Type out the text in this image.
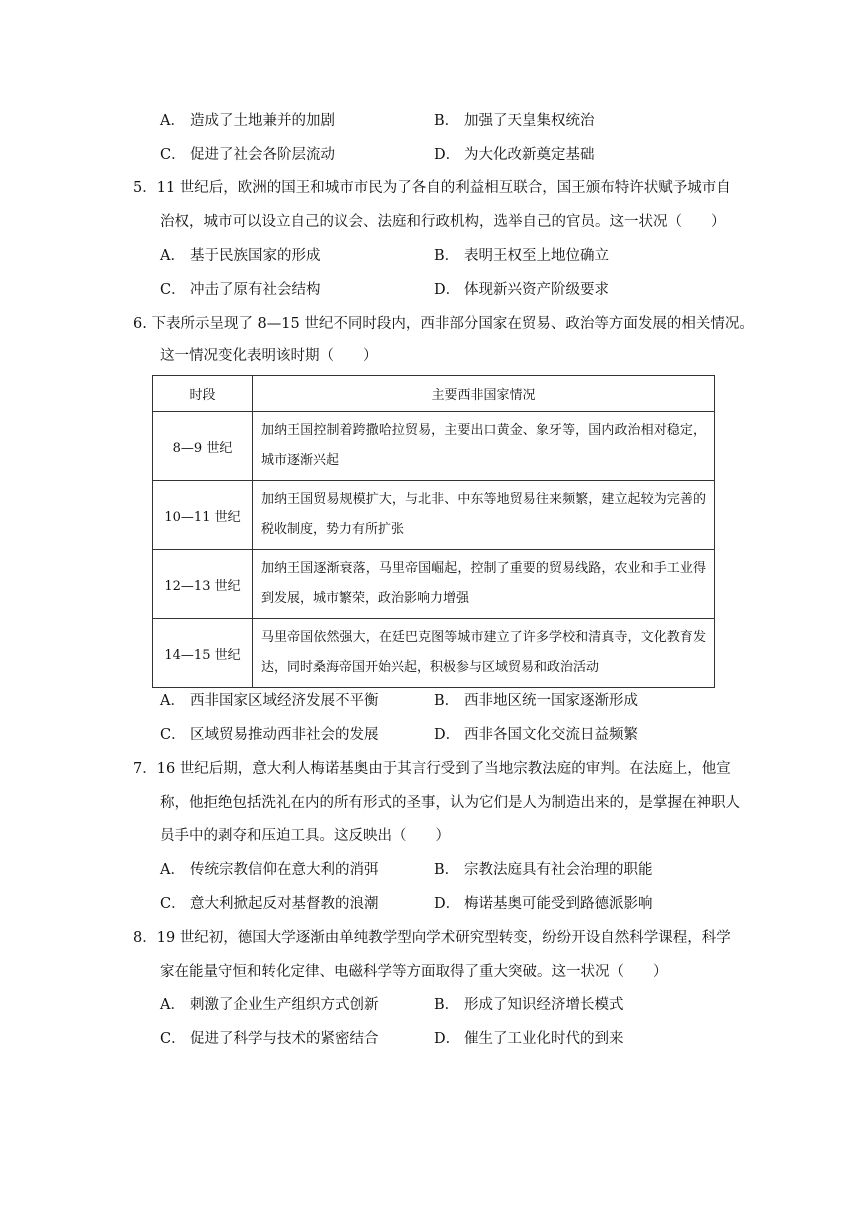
A． 造成了土地兼并的加剧	B． 加强了天皇集权统治
C． 促进了社会各阶层流动	D． 为大化改新奠定基础
5．11 世纪后，欧洲的国王和城市市民为了各自的利益相互联合，国王颁布特许状赋予城市自
治权，城市可以设立自己的议会、法庭和行政机构，选举自己的官员。这一状况（　　）
A． 基于民族国家的形成	B． 表明王权至上地位确立
C． 冲击了原有社会结构	D． 体现新兴资产阶级要求
6. 下表所示呈现了 8—15 世纪不同时段内，西非部分国家在贸易、政治等方面发展的相关情况。
这一情况变化表明该时期（　　）
时段	主要西非国家情况
8—9 世纪	加纳王国控制着跨撒哈拉贸易，主要出口黄金、象牙等，国内政治相对稳定，城市逐渐兴起
10—11 世纪	加纳王国贸易规模扩大，与北非、中东等地贸易往来频繁，建立起较为完善的税收制度，势力有所扩张
12—13 世纪	加纳王国逐渐衰落，马里帝国崛起，控制了重要的贸易线路，农业和手工业得到发展，城市繁荣，政治影响力增强
14—15 世纪	马里帝国依然强大，在廷巴克图等城市建立了许多学校和清真寺，文化教育发达，同时桑海帝国开始兴起，积极参与区域贸易和政治活动
A． 西非国家区域经济发展不平衡	B． 西非地区统一国家逐渐形成
C． 区域贸易推动西非社会的发展	D． 西非各国文化交流日益频繁
7．16 世纪后期，意大利人梅诺基奥由于其言行受到了当地宗教法庭的审判。在法庭上，他宣
称，他拒绝包括洗礼在内的所有形式的圣事，认为它们是人为制造出来的，是掌握在神职人
员手中的剥夺和压迫工具。这反映出（　　）
A． 传统宗教信仰在意大利的消弭	B． 宗教法庭具有社会治理的职能
C． 意大利掀起反对基督教的浪潮	D． 梅诺基奥可能受到路德派影响
8．19 世纪初，德国大学逐渐由单纯教学型向学术研究型转变，纷纷开设自然科学课程，科学
家在能量守恒和转化定律、电磁科学等方面取得了重大突破。这一状况（　　）
A． 刺激了企业生产组织方式创新	B． 形成了知识经济增长模式
C． 促进了科学与技术的紧密结合	D． 催生了工业化时代的到来
